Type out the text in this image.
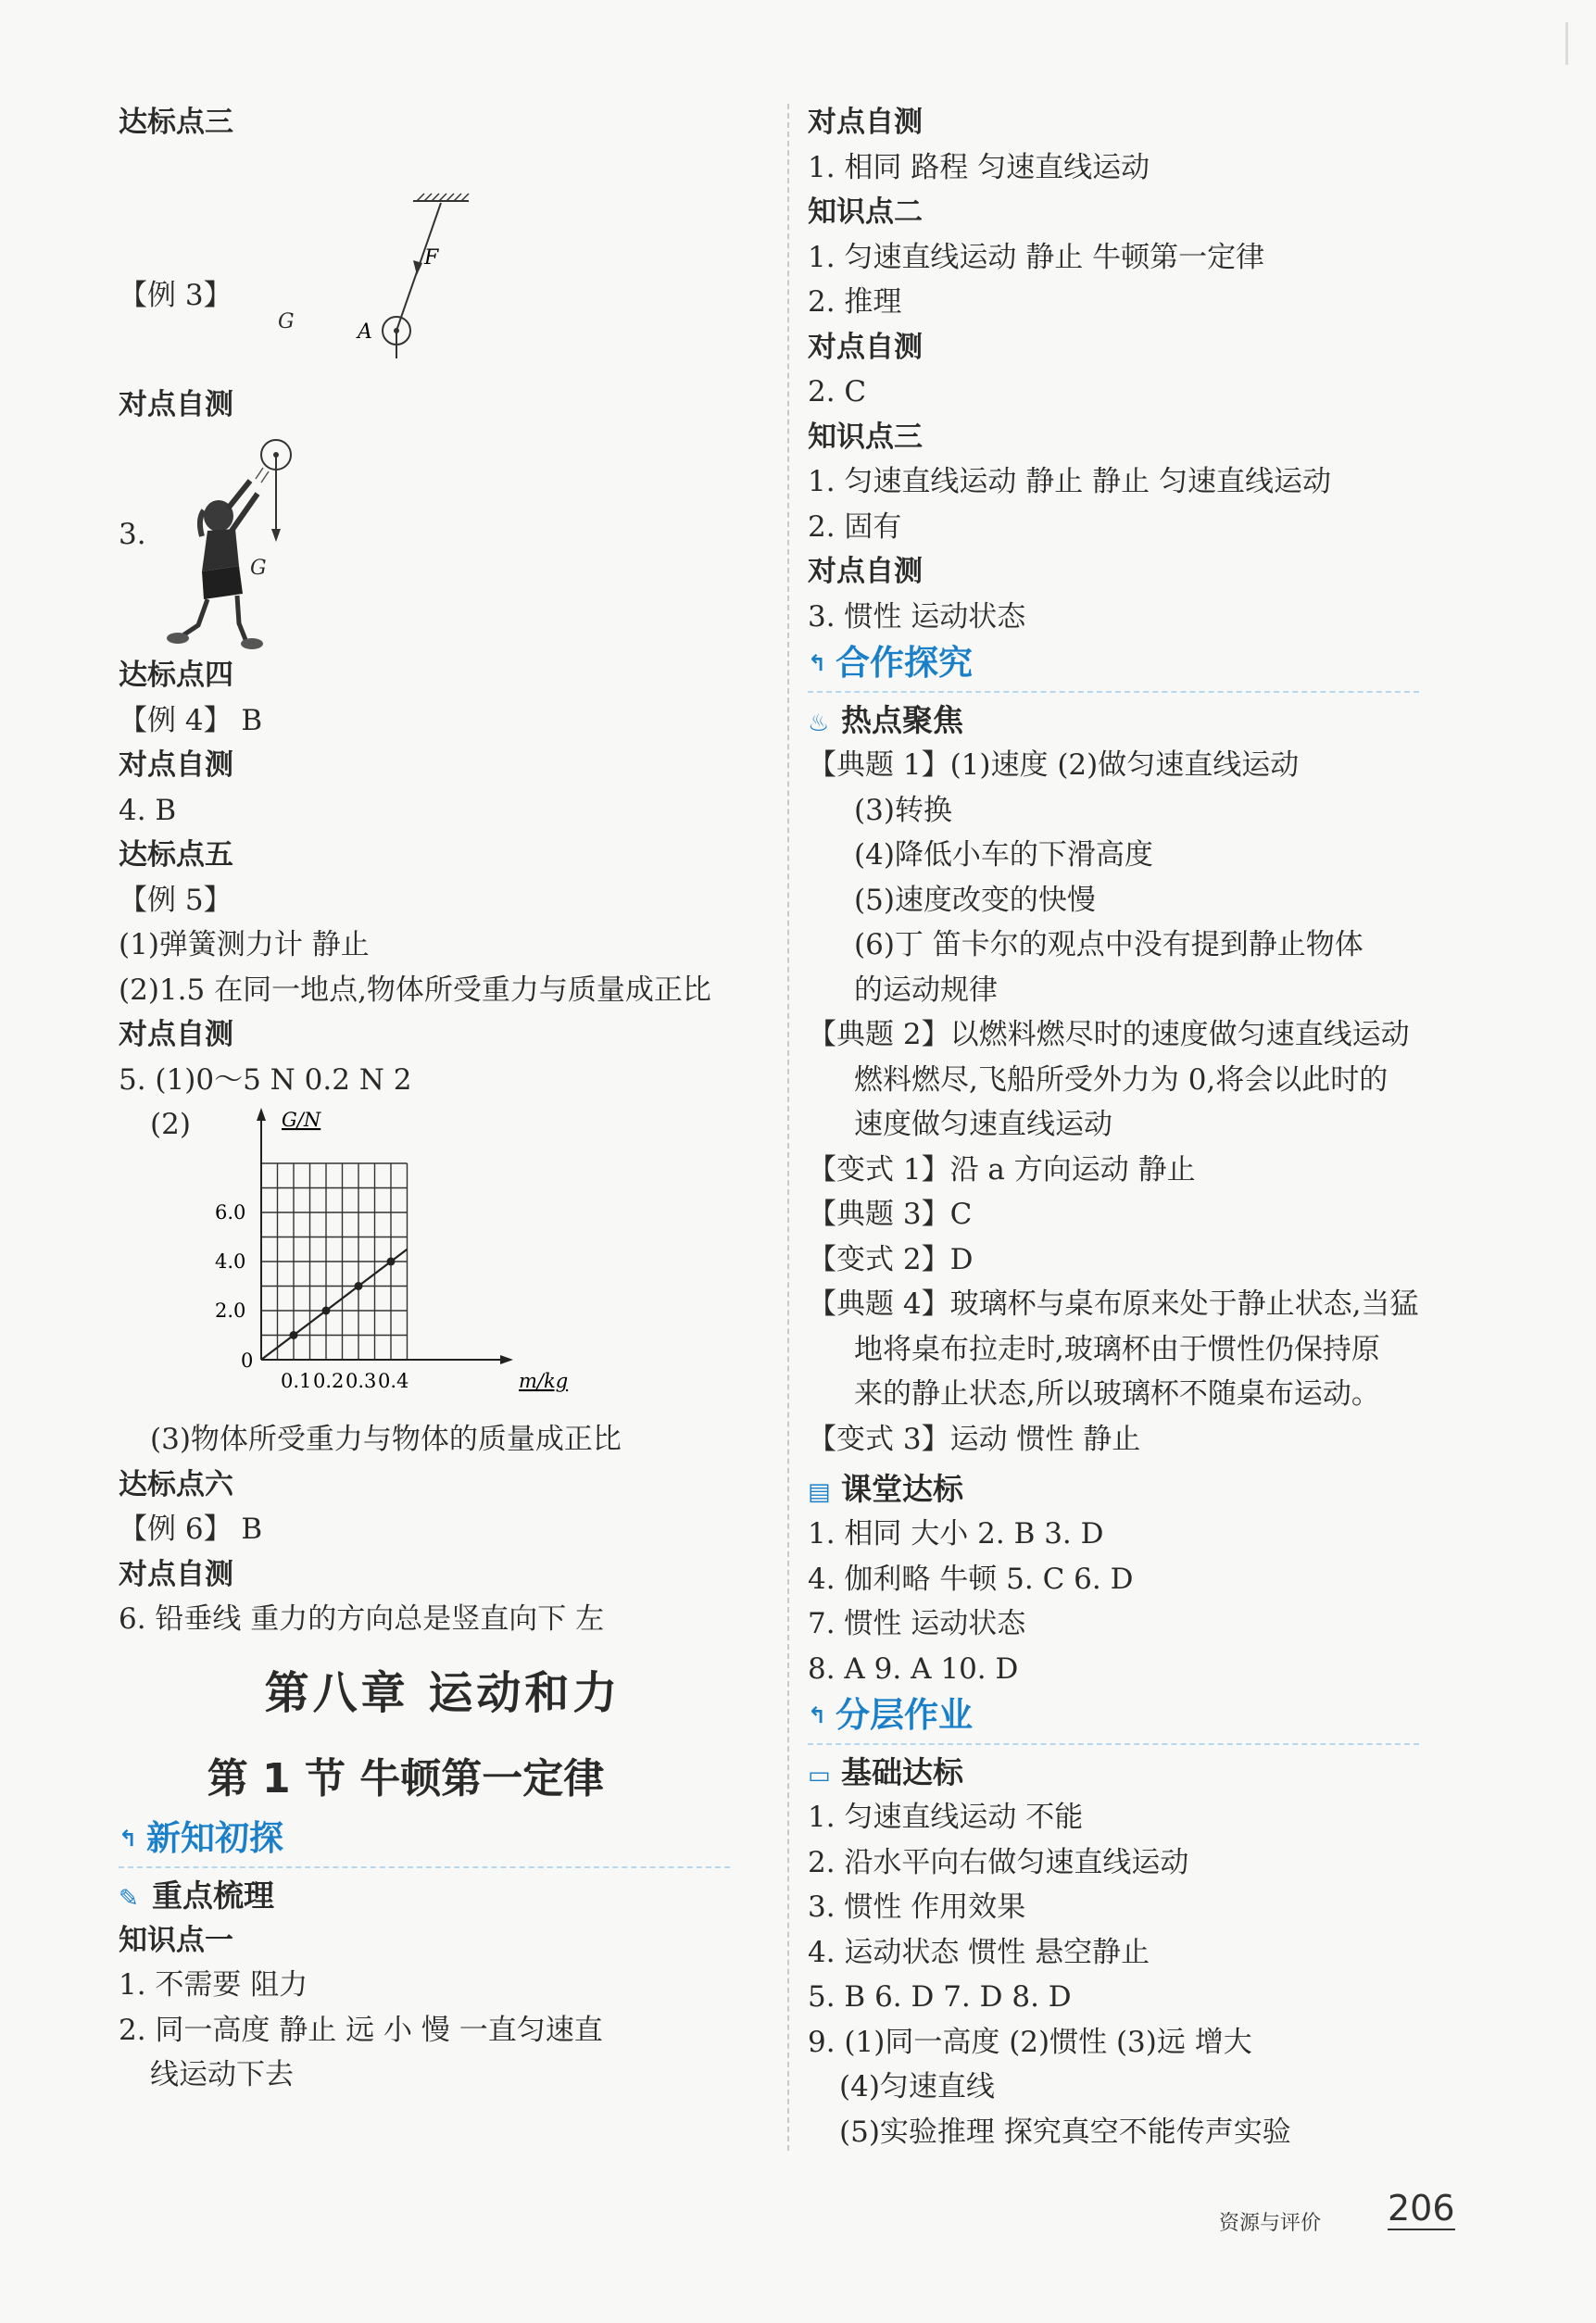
达标点三
【例 3】
F
A
G
对点自测
3.
G
达标点四
【例 4】 B
对点自测
4. B
达标点五
【例 5】
(1)弹簧测力计 静止
(2)1.5 在同一地点,物体所受重力与质量成正比
对点自测
5. (1)0～5 N 0.2 N 2
(2)
0.1 0.2 0.3 0.4
2.0
4.0
6.0
G/N
m/kg
0
(3)物体所受重力与物体的质量成正比
达标点六
【例 6】 B
对点自测
6. 铅垂线 重力的方向总是竖直向下 左
第八章 运动和力
第 1 节 牛顿第一定律
↰ 新知初探
✎ 重点梳理
知识点一
1. 不需要 阻力
2. 同一高度 静止 远 小 慢 一直匀速直
线运动下去
对点自测
1. 相同 路程 匀速直线运动
知识点二
1. 匀速直线运动 静止 牛顿第一定律
2. 推理
对点自测
2. C
知识点三
1. 匀速直线运动 静止 静止 匀速直线运动
2. 固有
对点自测
3. 惯性 运动状态
↰ 合作探究
♨ 热点聚焦
【典题 1】(1)速度 (2)做匀速直线运动
(3)转换
(4)降低小车的下滑高度
(5)速度改变的快慢
(6)丁 笛卡尔的观点中没有提到静止物体
的运动规律
【典题 2】以燃料燃尽时的速度做匀速直线运动
燃料燃尽,飞船所受外力为 0,将会以此时的
速度做匀速直线运动
【变式 1】沿 a 方向运动 静止
【典题 3】C
【变式 2】D
【典题 4】玻璃杯与桌布原来处于静止状态,当猛
地将桌布拉走时,玻璃杯由于惯性仍保持原
来的静止状态,所以玻璃杯不随桌布运动。
【变式 3】运动 惯性 静止
▤ 课堂达标
1. 相同 大小 2. B 3. D
4. 伽利略 牛顿 5. C 6. D
7. 惯性 运动状态
8. A 9. A 10. D
↰ 分层作业
▭ 基础达标
1. 匀速直线运动 不能
2. 沿水平向右做匀速直线运动
3. 惯性 作用效果
4. 运动状态 惯性 悬空静止
5. B 6. D 7. D 8. D
9. (1)同一高度 (2)惯性 (3)远 增大
(4)匀速直线
(5)实验推理 探究真空不能传声实验
资源与评价 206
